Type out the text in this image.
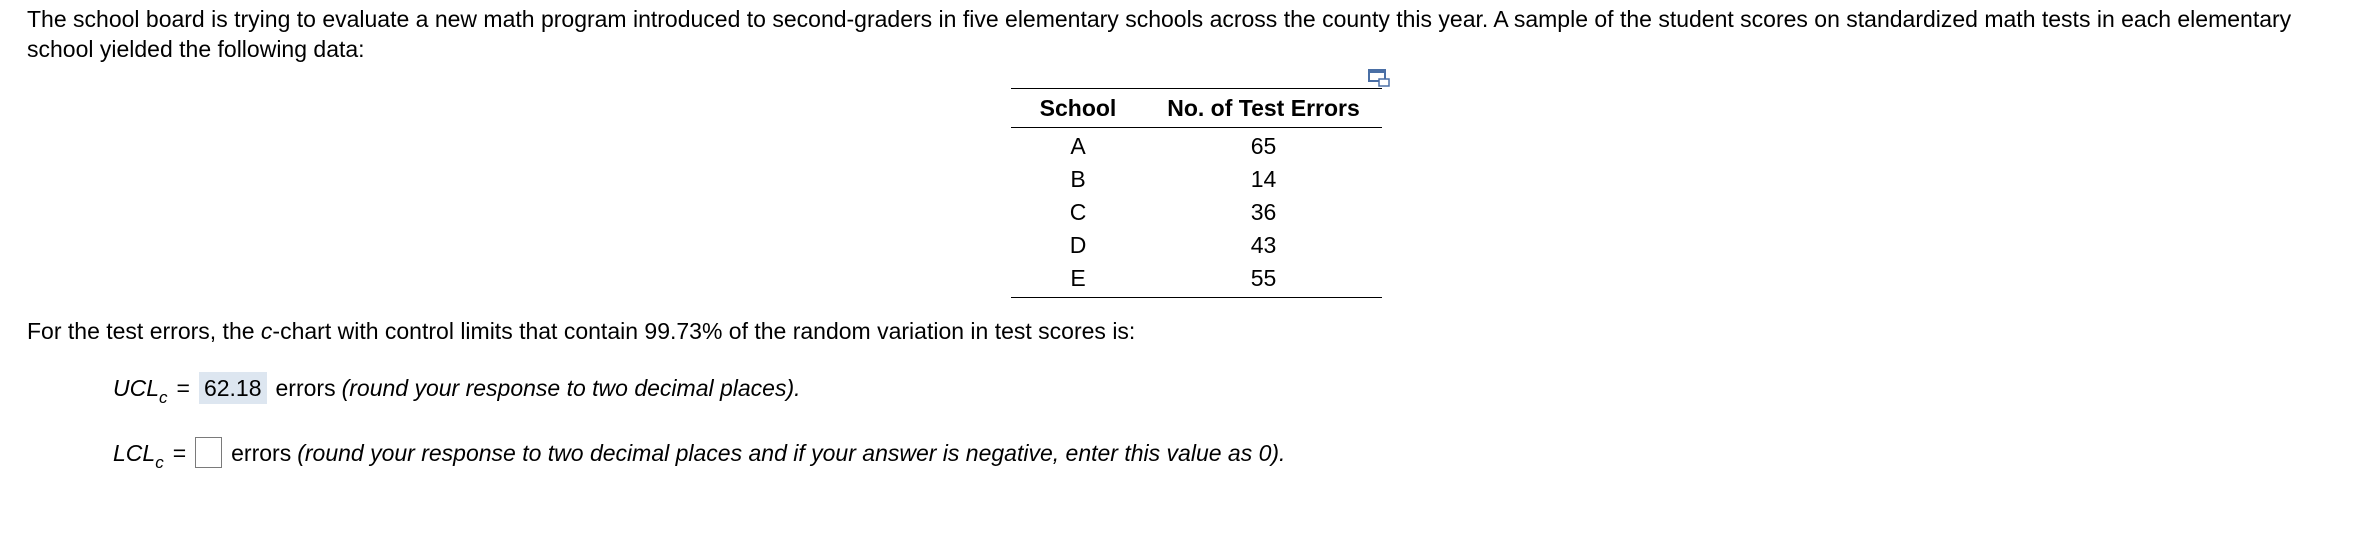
The school board is trying to evaluate a new math program introduced to second-graders in five elementary schools across the county this year. A sample of the student scores on standardized math tests in each elementary school yielded the following data:
School	No. of Test Errors
A	65
B	14
C	36
D	43
E	55
For the test errors, the c-chart with control limits that contain 99.73% of the random variation in test scores is:
$UCL_c = 62.18$ errors (round your response to two decimal places).
$LCL_c$ = errors (round your response to two decimal places and if your answer is negative, enter this value as 0).
